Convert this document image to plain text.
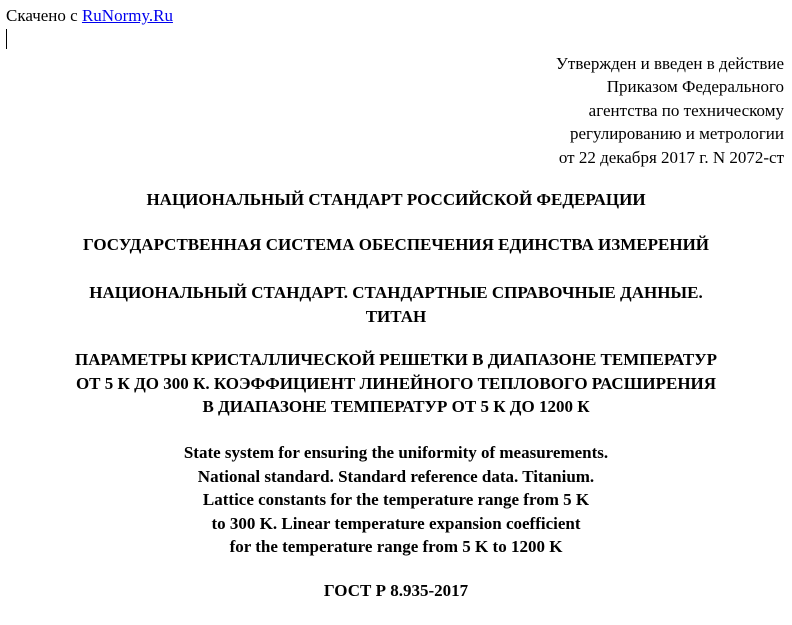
Скачено с RuNormy.Ru
Утвержден и введен в действие
Приказом Федерального
агентства по техническому
регулированию и метрологии
от 22 декабря 2017 г. N 2072-ст
НАЦИОНАЛЬНЫЙ СТАНДАРТ РОССИЙСКОЙ ФЕДЕРАЦИИ
ГОСУДАРСТВЕННАЯ СИСТЕМА ОБЕСПЕЧЕНИЯ ЕДИНСТВА ИЗМЕРЕНИЙ
НАЦИОНАЛЬНЫЙ СТАНДАРТ. СТАНДАРТНЫЕ СПРАВОЧНЫЕ ДАННЫЕ.
ТИТАН
ПАРАМЕТРЫ КРИСТАЛЛИЧЕСКОЙ РЕШЕТКИ В ДИАПАЗОНЕ ТЕМПЕРАТУР
ОТ 5 К ДО 300 К. КОЭФФИЦИЕНТ ЛИНЕЙНОГО ТЕПЛОВОГО РАСШИРЕНИЯ
В ДИАПАЗОНЕ ТЕМПЕРАТУР ОТ 5 К ДО 1200 К
State system for ensuring the uniformity of measurements.
National standard. Standard reference data. Titanium.
Lattice constants for the temperature range from 5 K
to 300 K. Linear temperature expansion coefficient
for the temperature range from 5 K to 1200 K
ГОСТ Р 8.935-2017
